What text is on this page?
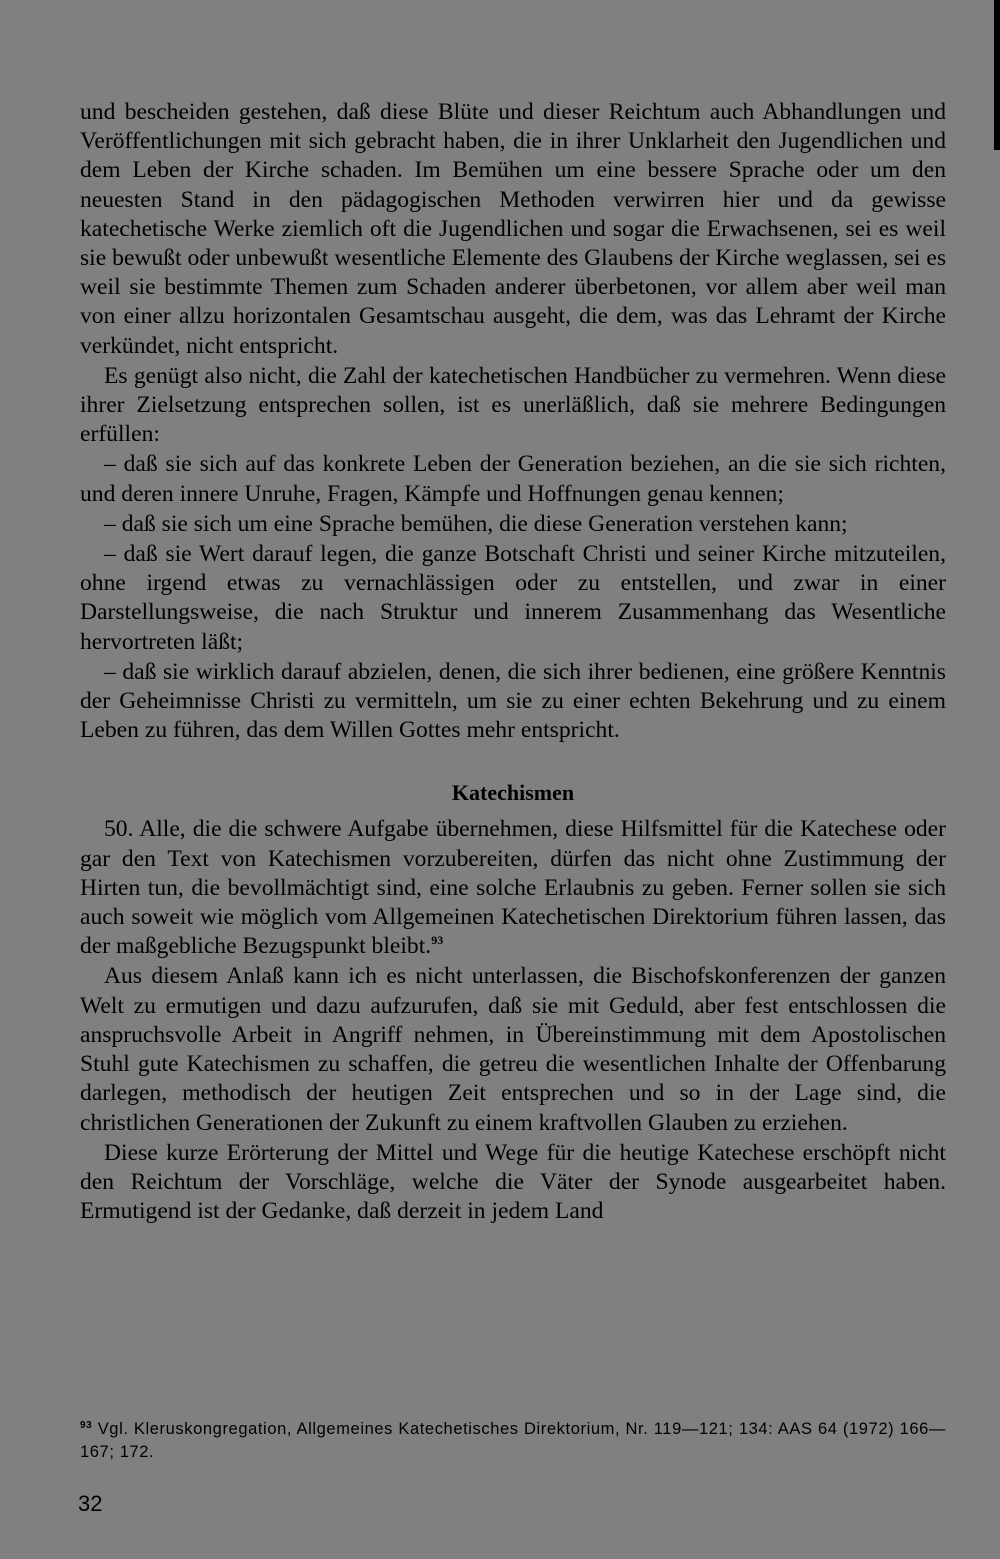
und bescheiden gestehen, daß diese Blüte und dieser Reichtum auch Abhandlungen und Veröffentlichungen mit sich gebracht haben, die in ihrer Unklarheit den Jugendlichen und dem Leben der Kirche schaden. Im Bemühen um eine bessere Sprache oder um den neuesten Stand in den pädagogischen Methoden verwirren hier und da gewisse katechetische Werke ziemlich oft die Jugendlichen und sogar die Erwachsenen, sei es weil sie bewußt oder unbewußt wesentliche Elemente des Glaubens der Kirche weglassen, sei es weil sie bestimmte Themen zum Schaden anderer überbetonen, vor allem aber weil man von einer allzu horizontalen Gesamtschau ausgeht, die dem, was das Lehramt der Kirche verkündet, nicht entspricht.

Es genügt also nicht, die Zahl der katechetischen Handbücher zu vermehren. Wenn diese ihrer Zielsetzung entsprechen sollen, ist es unerläßlich, daß sie mehrere Bedingungen erfüllen:

– daß sie sich auf das konkrete Leben der Generation beziehen, an die sie sich richten, und deren innere Unruhe, Fragen, Kämpfe und Hoffnungen genau kennen;

– daß sie sich um eine Sprache bemühen, die diese Generation verstehen kann;

– daß sie Wert darauf legen, die ganze Botschaft Christi und seiner Kirche mitzuteilen, ohne irgend etwas zu vernachlässigen oder zu entstellen, und zwar in einer Darstellungsweise, die nach Struktur und innerem Zusammenhang das Wesentliche hervortreten läßt;

– daß sie wirklich darauf abzielen, denen, die sich ihrer bedienen, eine größere Kenntnis der Geheimnisse Christi zu vermitteln, um sie zu einer echten Bekehrung und zu einem Leben zu führen, das dem Willen Gottes mehr entspricht.

Katechismen

50. Alle, die die schwere Aufgabe übernehmen, diese Hilfsmittel für die Katechese oder gar den Text von Katechismen vorzubereiten, dürfen das nicht ohne Zustimmung der Hirten tun, die bevollmächtigt sind, eine solche Erlaubnis zu geben. Ferner sollen sie sich auch soweit wie möglich vom Allgemeinen Katechetischen Direktorium führen lassen, das der maßgebliche Bezugspunkt bleibt.$^{93}$

Aus diesem Anlaß kann ich es nicht unterlassen, die Bischofskonferenzen der ganzen Welt zu ermutigen und dazu aufzurufen, daß sie mit Geduld, aber fest entschlossen die anspruchsvolle Arbeit in Angriff nehmen, in Übereinstimmung mit dem Apostolischen Stuhl gute Katechismen zu schaffen, die getreu die wesentlichen Inhalte der Offenbarung darlegen, methodisch der heutigen Zeit entsprechen und so in der Lage sind, die christlichen Generationen der Zukunft zu einem kraftvollen Glauben zu erziehen.

Diese kurze Erörterung der Mittel und Wege für die heutige Katechese erschöpft nicht den Reichtum der Vorschläge, welche die Väter der Synode ausgearbeitet haben. Ermutigend ist der Gedanke, daß derzeit in jedem Land

$^{93}$ Vgl. Kleruskongregation, Allgemeines Katechetisches Direktorium, Nr. 119—121; 134: AAS 64 (1972) 166—167; 172.
32
